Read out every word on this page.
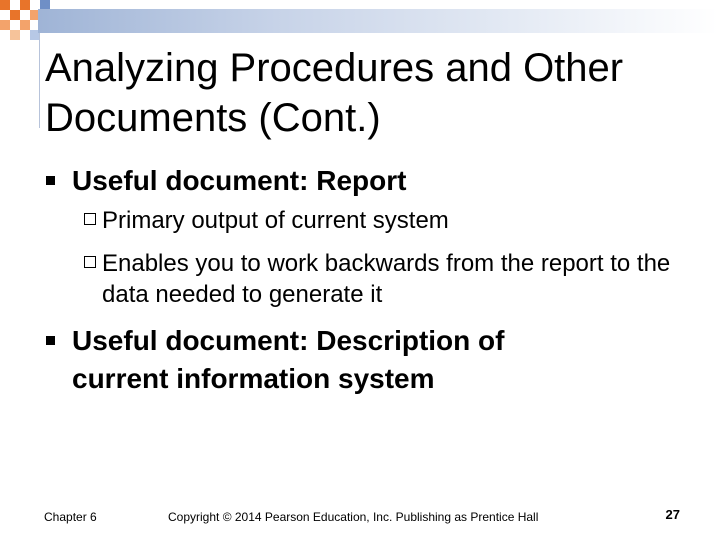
Analyzing Procedures and Other
Documents (Cont.)
Useful document: Report
Primary output of current system
Enables you to work backwards from the report to the data needed to generate it
Useful document: Description of current information system
Chapter 6	Copyright © 2014 Pearson Education, Inc. Publishing as Prentice Hall	27
